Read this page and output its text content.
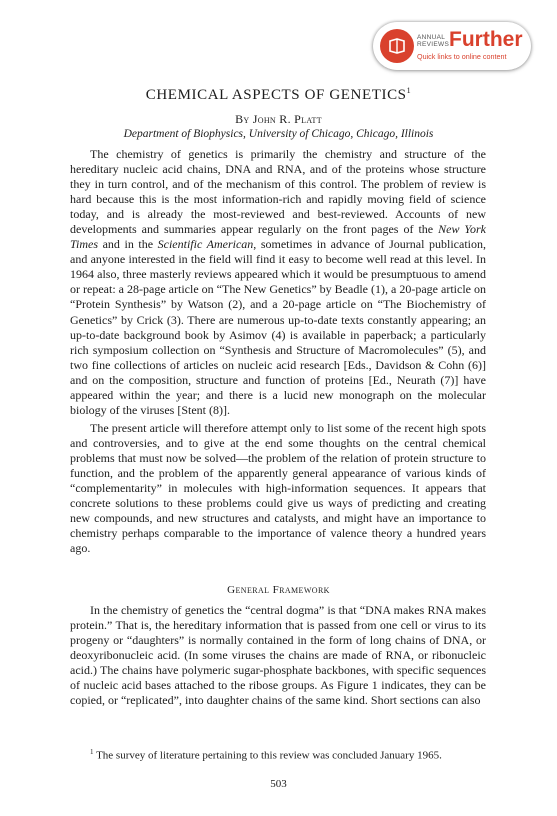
ANNUAL
REVIEWS Further
Quick links to online content
CHEMICAL ASPECTS OF GENETICS$^1$
By John R. Platt
Department of Biophysics, University of Chicago, Chicago, Illinois

The chemistry of genetics is primarily the chemistry and structure of the hereditary nucleic acid chains, DNA and RNA, and of the proteins whose structure they in turn control, and of the mechanism of this control. The problem of review is hard because this is the most information-rich and rapidly moving field of science today, and is already the most-reviewed and best-reviewed. Accounts of new developments and summaries appear regularly on the front pages of the New York Times and in the Scientific American, sometimes in advance of Journal publication, and anyone interested in the field will find it easy to become well read at this level. In 1964 also, three masterly reviews appeared which it would be presumptuous to amend or repeat: a 28-page article on “The New Genetics” by Beadle (1), a 20-page article on “Protein Synthesis” by Watson (2), and a 20-page article on “The Biochemistry of Genetics” by Crick (3). There are numerous up-to-date texts constantly appearing; an up-to-date background book by Asimov (4) is available in paperback; a particularly rich symposium collection on “Synthesis and Structure of Macromolecules” (5), and two fine collections of articles on nucleic acid research [Eds., Davidson & Cohn (6)] and on the composition, structure and function of proteins [Ed., Neurath (7)] have appeared within the year; and there is a lucid new monograph on the molecular biology of the viruses [Stent (8)].

The present article will therefore attempt only to list some of the recent high spots and controversies, and to give at the end some thoughts on the central chemical problems that must now be solved—the problem of the relation of protein structure to function, and the problem of the apparently general appearance of various kinds of “complementarity” in molecules with high-information sequences. It appears that concrete solutions to these problems could give us ways of predicting and creating new compounds, and new structures and catalysts, and might have an importance to chemistry perhaps comparable to the importance of valence theory a hundred years ago.

General Framework

In the chemistry of genetics the “central dogma” is that “DNA makes RNA makes protein.” That is, the hereditary information that is passed from one cell or virus to its progeny or “daughters” is normally contained in the form of long chains of DNA, or deoxyribonucleic acid. (In some viruses the chains are made of RNA, or ribonucleic acid.) The chains have polymeric sugar-phosphate backbones, with specific sequences of nucleic acid bases attached to the ribose groups. As Figure 1 indicates, they can be copied, or “replicated”, into daughter chains of the same kind. Short sections can also

$^1$ The survey of literature pertaining to this review was concluded January 1965.
503
